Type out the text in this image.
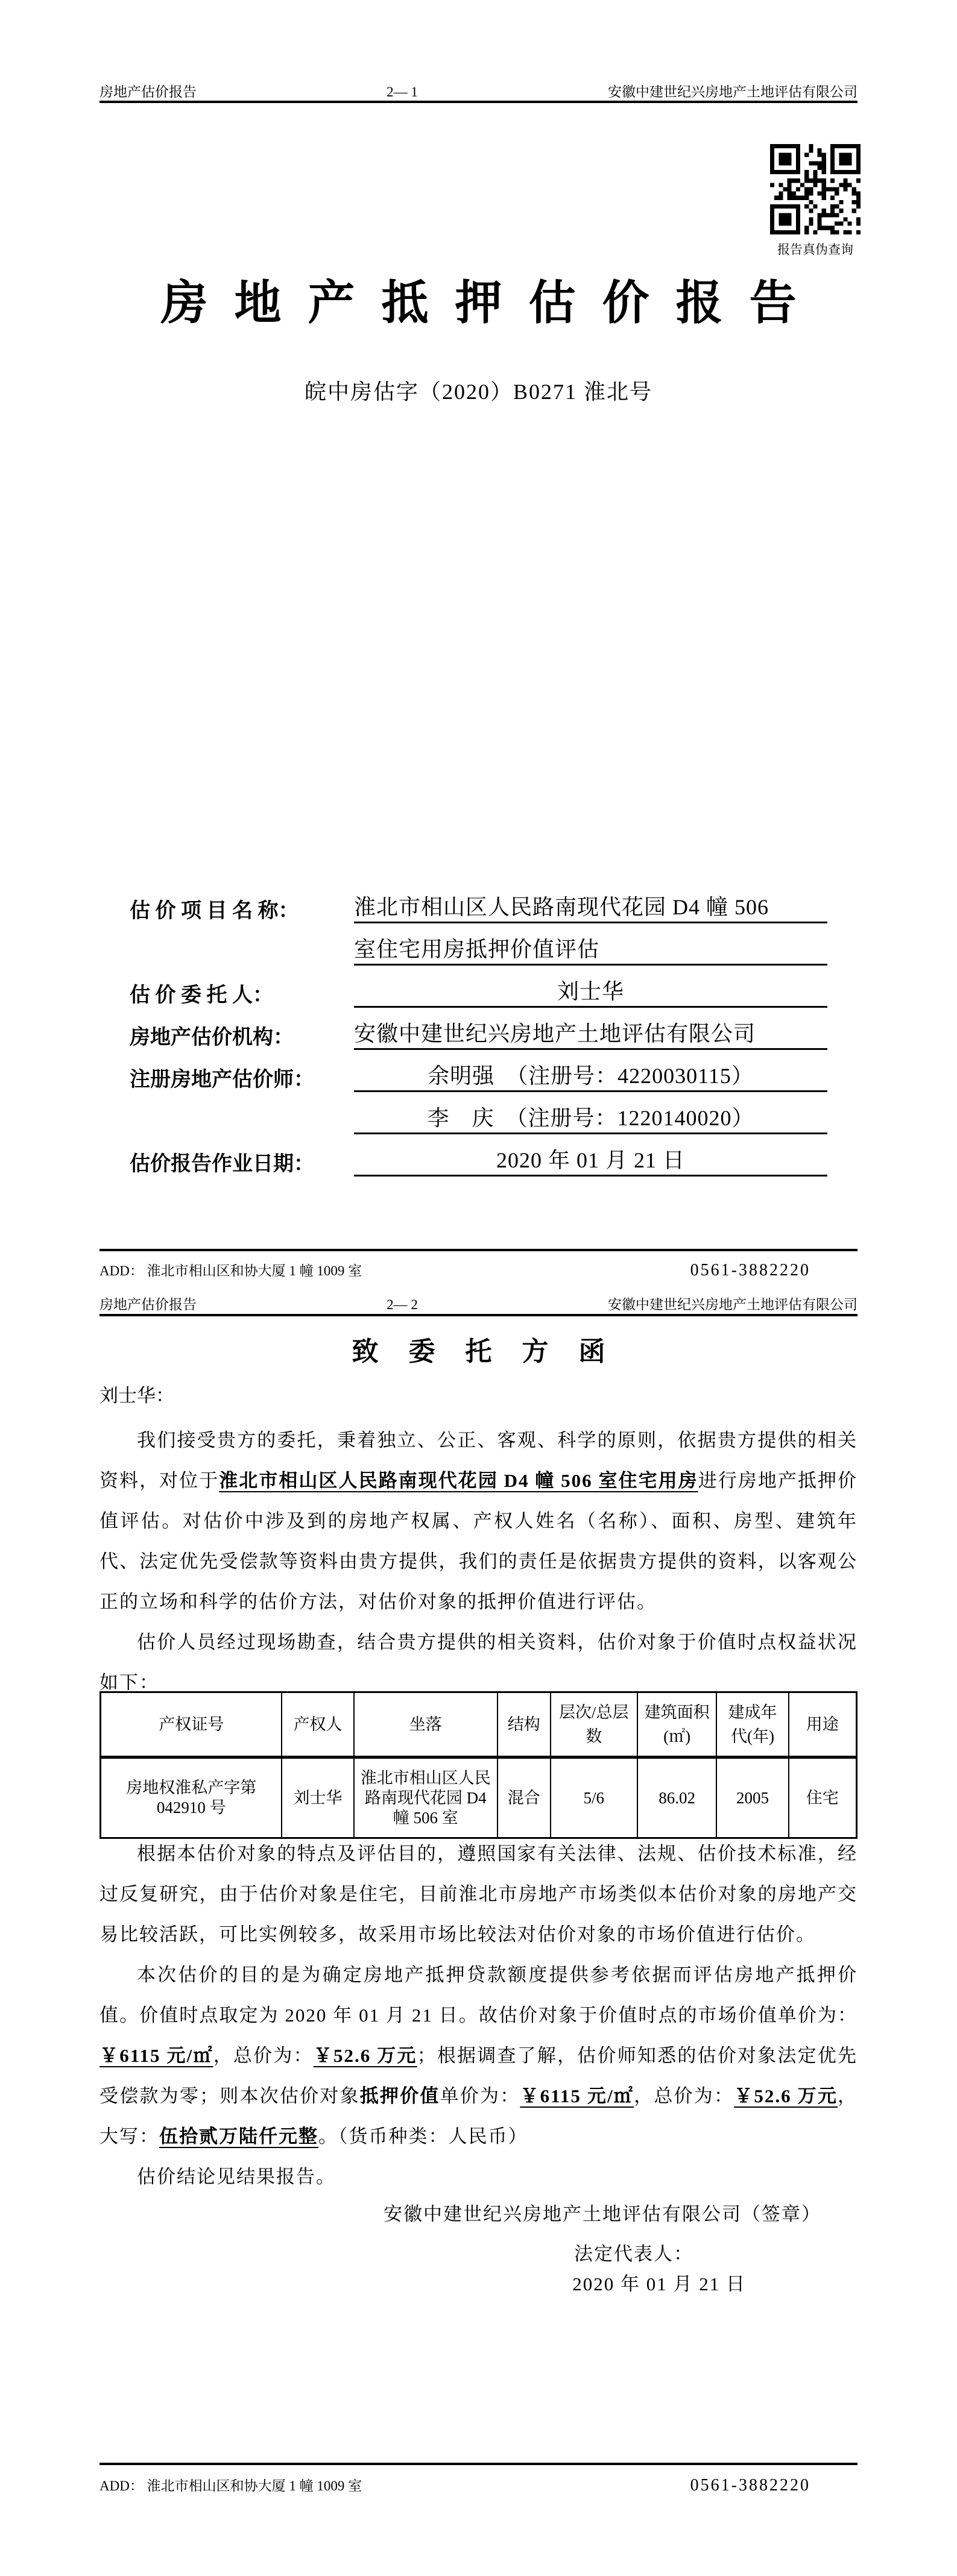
房地产估价报告	2— 1	安徽中建世纪兴房地产土地评估有限公司
报告真伪查询
房地产抵押估价报告
皖中房估字（2020）B0271 淮北号
估 价 项 目 名 称：	淮北市相山区人民路南现代花园 D4 幢 506
室住宅用房抵押价值评估
估 价 委 托 人：	刘士华
房地产估价机构：	安徽中建世纪兴房地产土地评估有限公司
注册房地产估价师：	余明强　（注册号：4220030115）
李　庆　（注册号：1220140020）
估价报告作业日期：	2020 年 01 月 21 日
ADD： 淮北市相山区和协大厦 1 幢 1009 室	0561-3882220
房地产估价报告	2— 2	安徽中建世纪兴房地产土地评估有限公司
致委托方函
刘士华：

我们接受贵方的委托，秉着独立、公正、客观、科学的原则，依据贵方提供的相关资料，对位于淮北市相山区人民路南现代花园 D4 幢 506 室住宅用房进行房地产抵押价值评估。对估价中涉及到的房地产权属、产权人姓名（名称）、面积、房型、建筑年代、法定优先受偿款等资料由贵方提供，我们的责任是依据贵方提供的资料，以客观公正的立场和科学的估价方法，对估价对象的抵押价值进行评估。

估价人员经过现场勘查，结合贵方提供的相关资料，估价对象于价值时点权益状况如下：

产权证号	产权人	坐落	结构	层次/总层数	建筑面积(㎡)	建成年代(年)	用途
房地权淮私产字第 042910 号	刘士华	淮北市相山区人民路南现代花园 D4 幢 506 室	混合	5/6	86.02	2005	住宅

根据本估价对象的特点及评估目的，遵照国家有关法律、法规、估价技术标准，经过反复研究，由于估价对象是住宅，目前淮北市房地产市场类似本估价对象的房地产交易比较活跃，可比实例较多，故采用市场比较法对估价对象的市场价值进行估价。

本次估价的目的是为确定房地产抵押贷款额度提供参考依据而评估房地产抵押价值。价值时点取定为 2020 年 01 月 21 日。故估价对象于价值时点的市场价值单价为：￥6115 元/㎡，总价为：￥52.6 万元；根据调查了解，估价师知悉的估价对象法定优先受偿款为零；则本次估价对象抵押价值单价为：￥6115 元/㎡，总价为：￥52.6 万元，大写：伍拾贰万陆仟元整。（货币种类：人民币）

估价结论见结果报告。

安徽中建世纪兴房地产土地评估有限公司（签章）
法定代表人：
2020 年 01 月 21 日
ADD： 淮北市相山区和协大厦 1 幢 1009 室	0561-3882220
